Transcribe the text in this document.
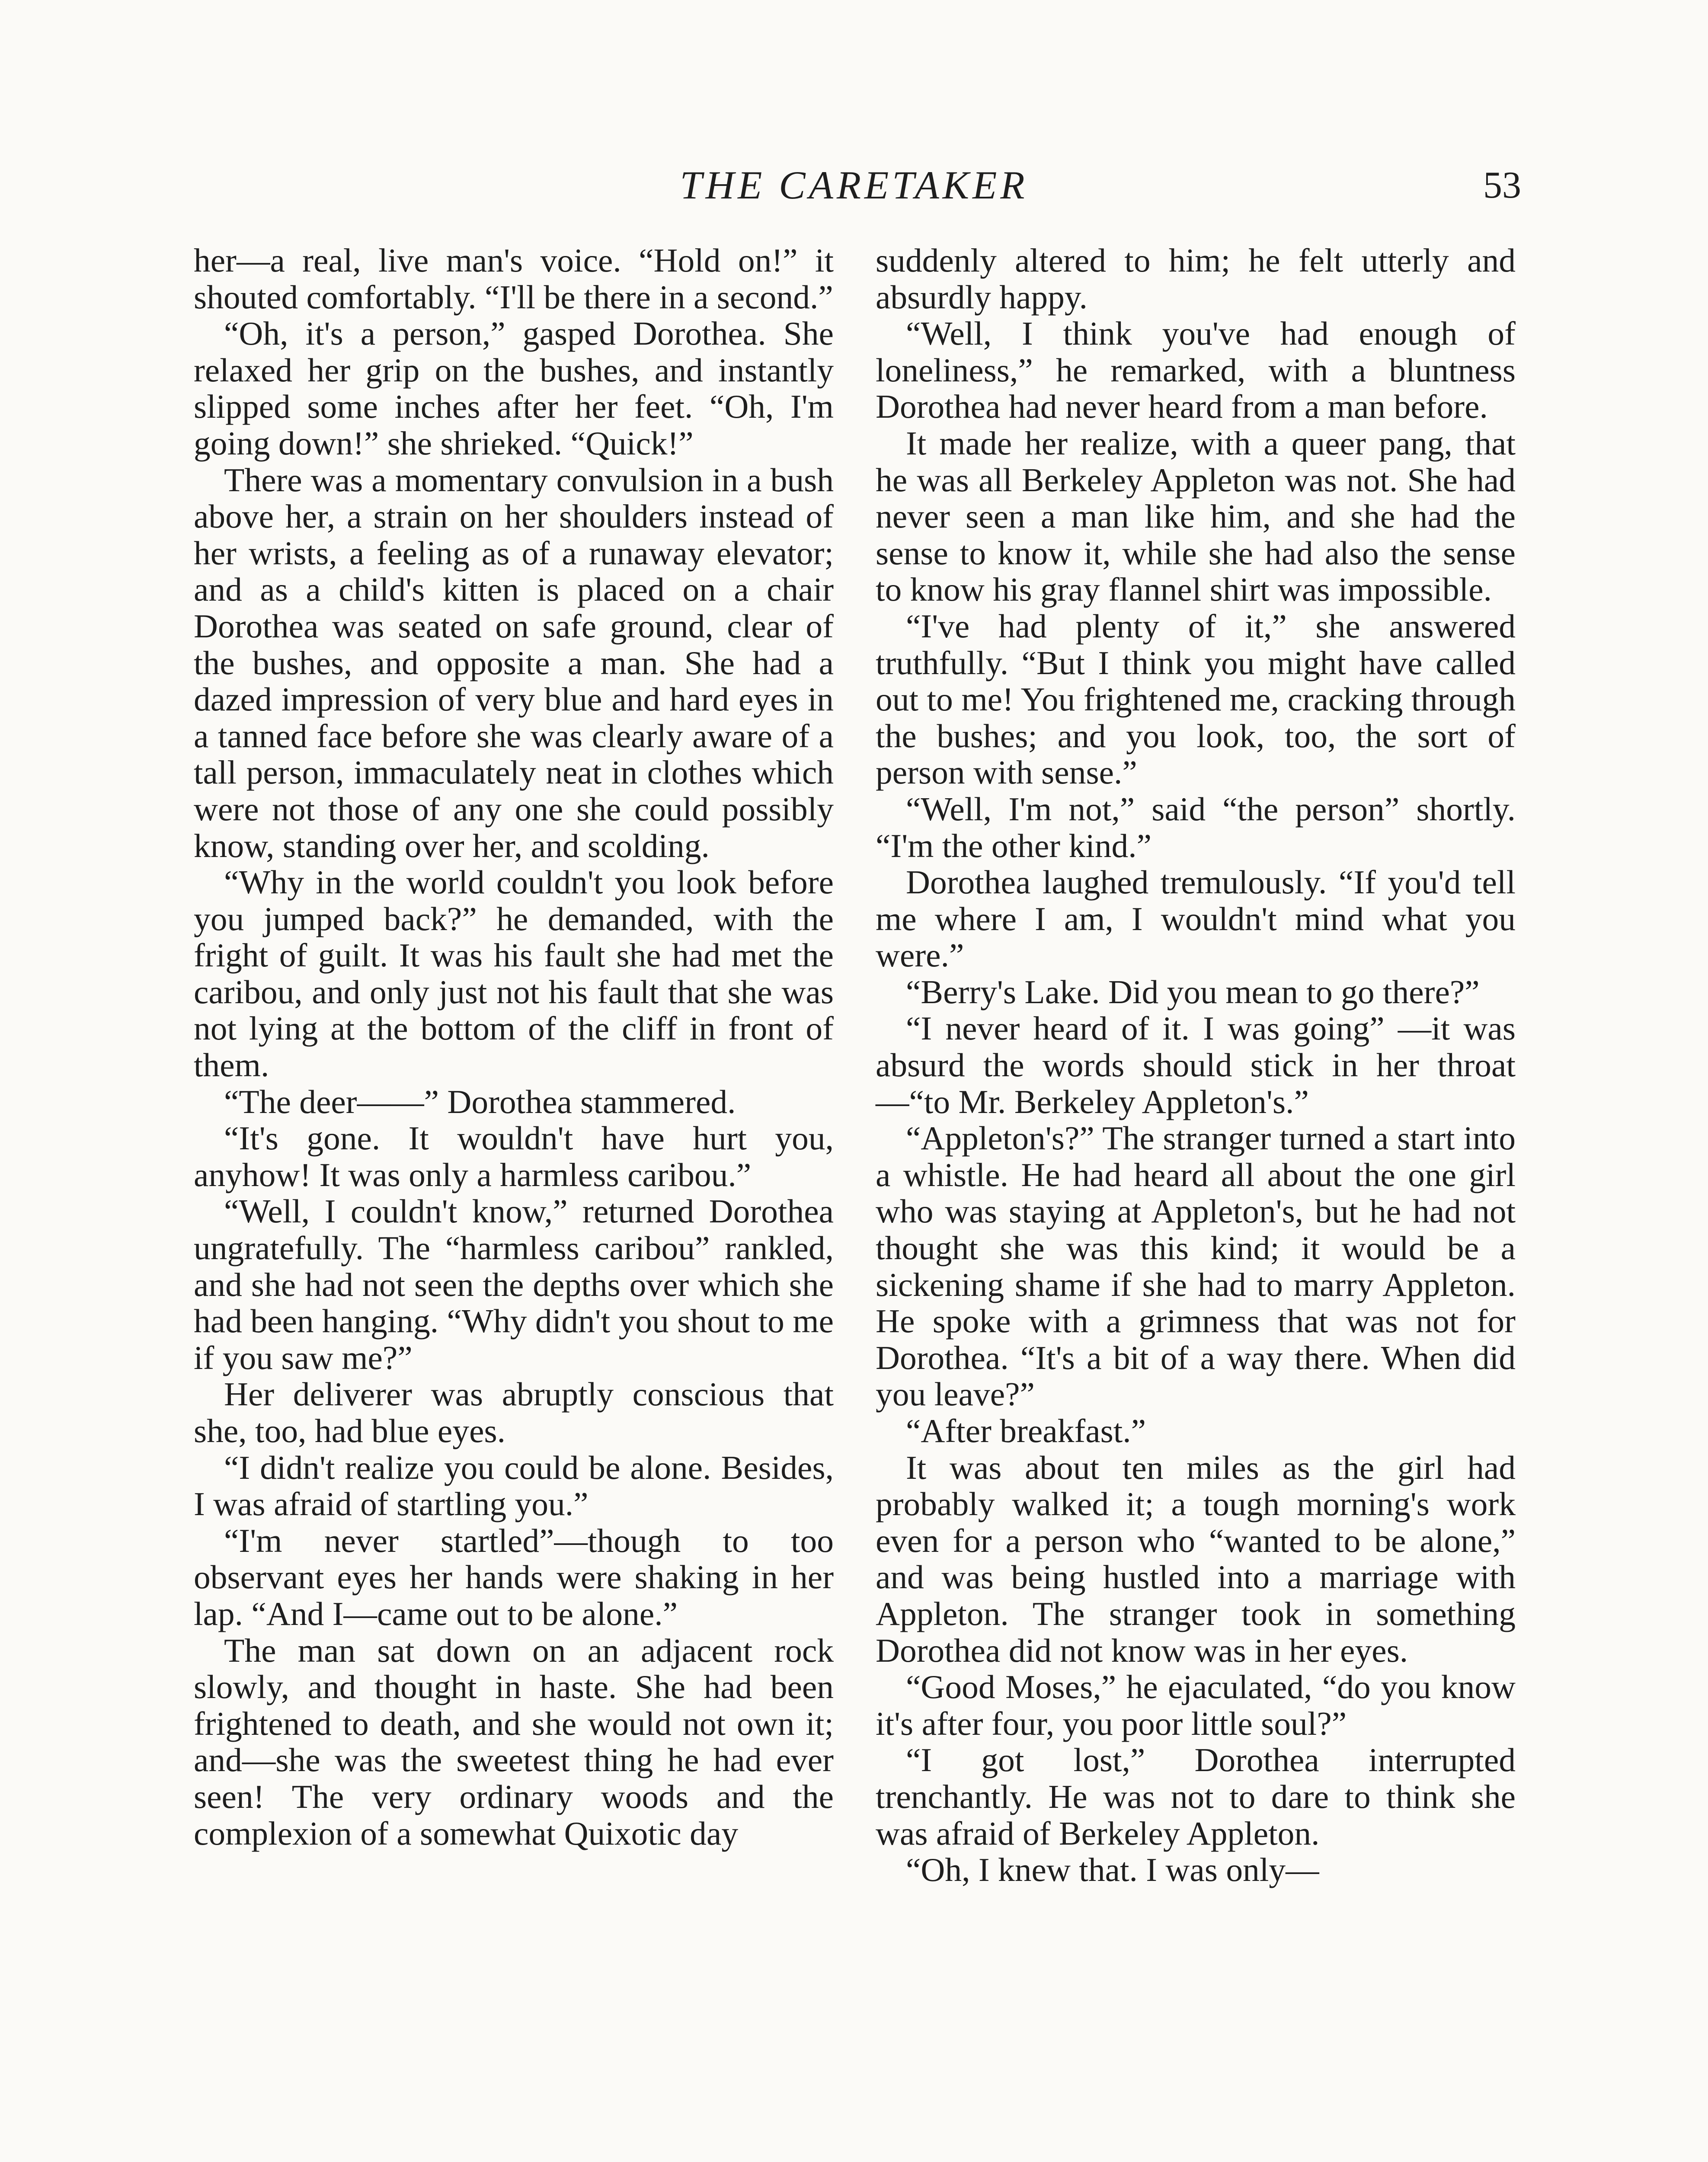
THE CARETAKER	53

her—a real, live man's voice. “Hold on!” it shouted comfortably. “I'll be there in a second.”

“Oh, it's a person,” gasped Dorothea. She relaxed her grip on the bushes, and instantly slipped some inches after her feet. “Oh, I'm going down!” she shrieked. “Quick!”

There was a momentary convulsion in a bush above her, a strain on her shoulders instead of her wrists, a feeling as of a runaway elevator; and as a child's kitten is placed on a chair Dorothea was seated on safe ground, clear of the bushes, and opposite a man. She had a dazed impression of very blue and hard eyes in a tanned face before she was clearly aware of a tall person, immaculately neat in clothes which were not those of any one she could possibly know, standing over her, and scolding.

“Why in the world couldn't you look before you jumped back?” he demanded, with the fright of guilt. It was his fault she had met the caribou, and only just not his fault that she was not lying at the bottom of the cliff in front of them.

“The deer——” Dorothea stammered.

“It's gone. It wouldn't have hurt you, anyhow! It was only a harmless caribou.”

“Well, I couldn't know,” returned Dorothea ungratefully. The “harmless caribou” rankled, and she had not seen the depths over which she had been hanging. “Why didn't you shout to me if you saw me?”

Her deliverer was abruptly conscious that she, too, had blue eyes.

“I didn't realize you could be alone. Besides, I was afraid of startling you.”

“I'm never startled”—though to too observant eyes her hands were shaking in her lap. “And I—came out to be alone.”

The man sat down on an adjacent rock slowly, and thought in haste. She had been frightened to death, and she would not own it; and—she was the sweetest thing he had ever seen! The very ordinary woods and the complexion of a somewhat Quixotic day

suddenly altered to him; he felt utterly and absurdly happy.

“Well, I think you've had enough of loneliness,” he remarked, with a bluntness Dorothea had never heard from a man before.

It made her realize, with a queer pang, that he was all Berkeley Appleton was not. She had never seen a man like him, and she had the sense to know it, while she had also the sense to know his gray flannel shirt was impossible.

“I've had plenty of it,” she answered truthfully. “But I think you might have called out to me! You frightened me, cracking through the bushes; and you look, too, the sort of person with sense.”

“Well, I'm not,” said “the person” shortly. “I'm the other kind.”

Dorothea laughed tremulously. “If you'd tell me where I am, I wouldn't mind what you were.”

“Berry's Lake. Did you mean to go there?”

“I never heard of it. I was going” —it was absurd the words should stick in her throat—“to Mr. Berkeley Appleton's.”

“Appleton's?” The stranger turned a start into a whistle. He had heard all about the one girl who was staying at Appleton's, but he had not thought she was this kind; it would be a sickening shame if she had to marry Appleton. He spoke with a grimness that was not for Dorothea. “It's a bit of a way there. When did you leave?”

“After breakfast.”

It was about ten miles as the girl had probably walked it; a tough morning's work even for a person who “wanted to be alone,” and was being hustled into a marriage with Appleton. The stranger took in something Dorothea did not know was in her eyes.

“Good Moses,” he ejaculated, “do you know it's after four, you poor little soul?”

“I got lost,” Dorothea interrupted trenchantly. He was not to dare to think she was afraid of Berkeley Appleton.

“Oh, I knew that. I was only—
